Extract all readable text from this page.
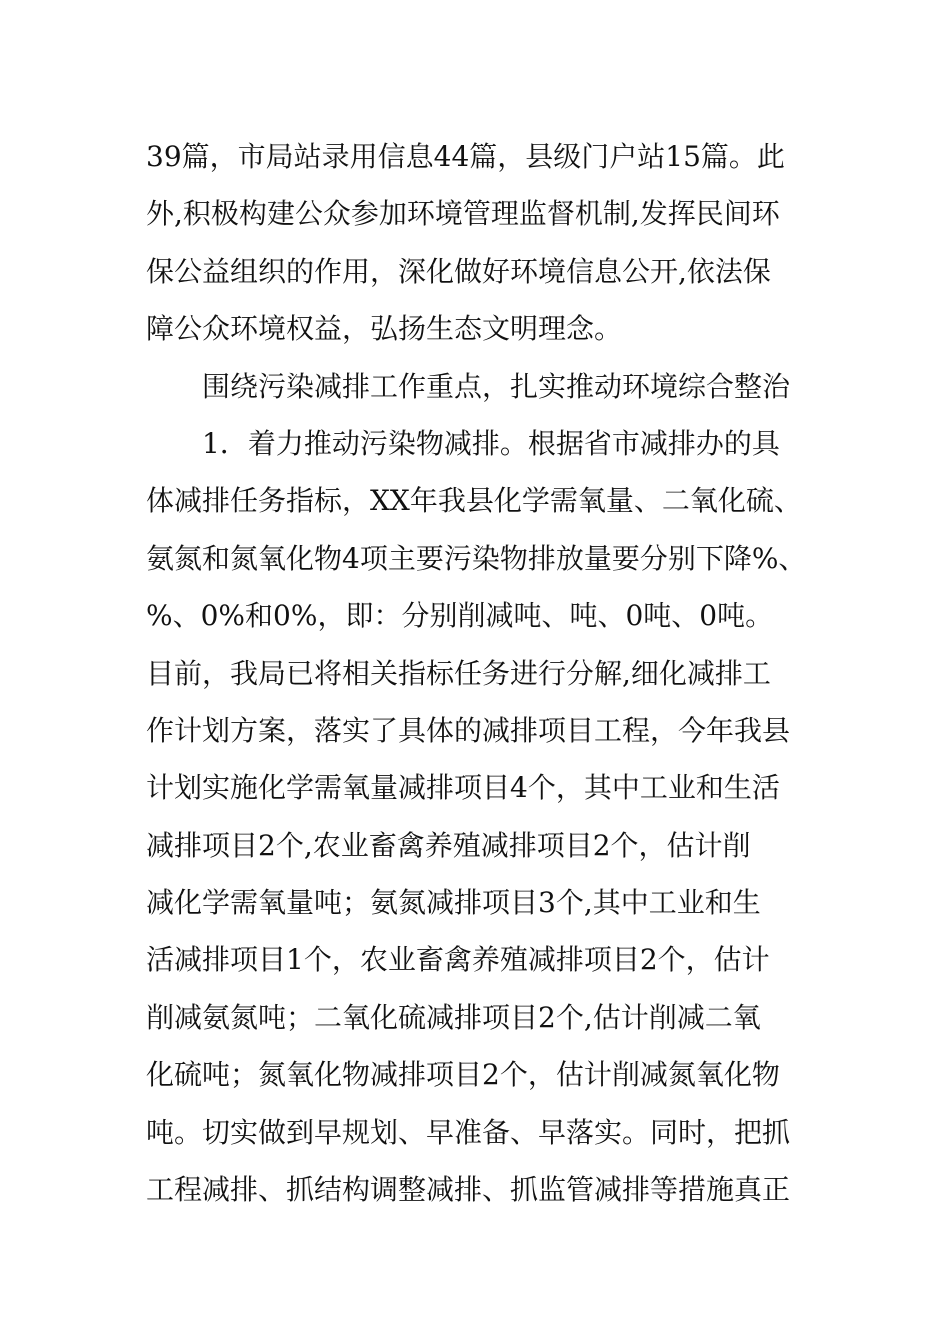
39篇，市局站录用信息44篇，县级门户站15篇。此
外,积极构建公众参加环境管理监督机制,发挥民间环
保公益组织的作用，深化做好环境信息公开,依法保
障公众环境权益，弘扬生态文明理念。
围绕污染减排工作重点，扎实推动环境综合整治
1．着力推动污染物减排。根据省市减排办的具
体减排任务指标，XX年我县化学需氧量、二氧化硫、
氨氮和氮氧化物4项主要污染物排放量要分别下降%、
%、0%和0%，即：分别削减吨、吨、0吨、0吨。
目前，我局已将相关指标任务进行分解,细化减排工
作计划方案，落实了具体的减排项目工程，今年我县
计划实施化学需氧量减排项目4个，其中工业和生活
减排项目2个,农业畜禽养殖减排项目2个，估计削
减化学需氧量吨；氨氮减排项目3个,其中工业和生
活减排项目1个，农业畜禽养殖减排项目2个，估计
削减氨氮吨；二氧化硫减排项目2个,估计削减二氧
化硫吨；氮氧化物减排项目2个，估计削减氮氧化物
吨。切实做到早规划、早准备、早落实。同时，把抓
工程减排、抓结构调整减排、抓监管减排等措施真正
